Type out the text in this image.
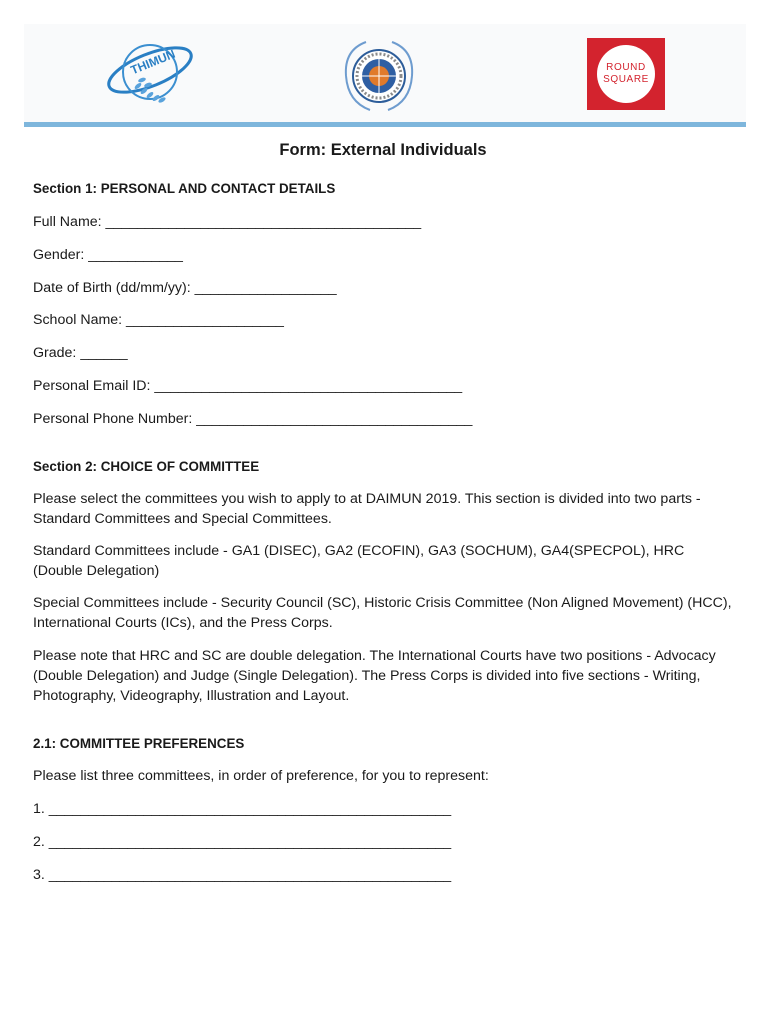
THIMUN	ROUND
SQUARE
Form: External Individuals
Section 1: PERSONAL AND CONTACT DETAILS
Full Name: ________________________________________
Gender: ____________
Date of Birth (dd/mm/yy): __________________
School Name: ____________________
Grade: ______
Personal Email ID: _______________________________________
Personal Phone Number: ___________________________________
Section 2: CHOICE OF COMMITTEE
Please select the committees you wish to apply to at DAIMUN 2019. This section is divided into two parts - Standard Committees and Special Committees.
Standard Committees include - GA1 (DISEC), GA2 (ECOFIN), GA3 (SOCHUM), GA4(SPECPOL), HRC (Double Delegation)
Special Committees include - Security Council (SC), Historic Crisis Committee (Non Aligned Movement) (HCC), International Courts (ICs), and the Press Corps.
Please note that HRC and SC are double delegation. The International Courts have two positions - Advocacy (Double Delegation) and Judge (Single Delegation). The Press Corps is divided into five sections - Writing, Photography, Videography, Illustration and Layout.
2.1: COMMITTEE PREFERENCES
Please list three committees, in order of preference, for you to represent:
1. ___________________________________________________
2. ___________________________________________________
3. ___________________________________________________
